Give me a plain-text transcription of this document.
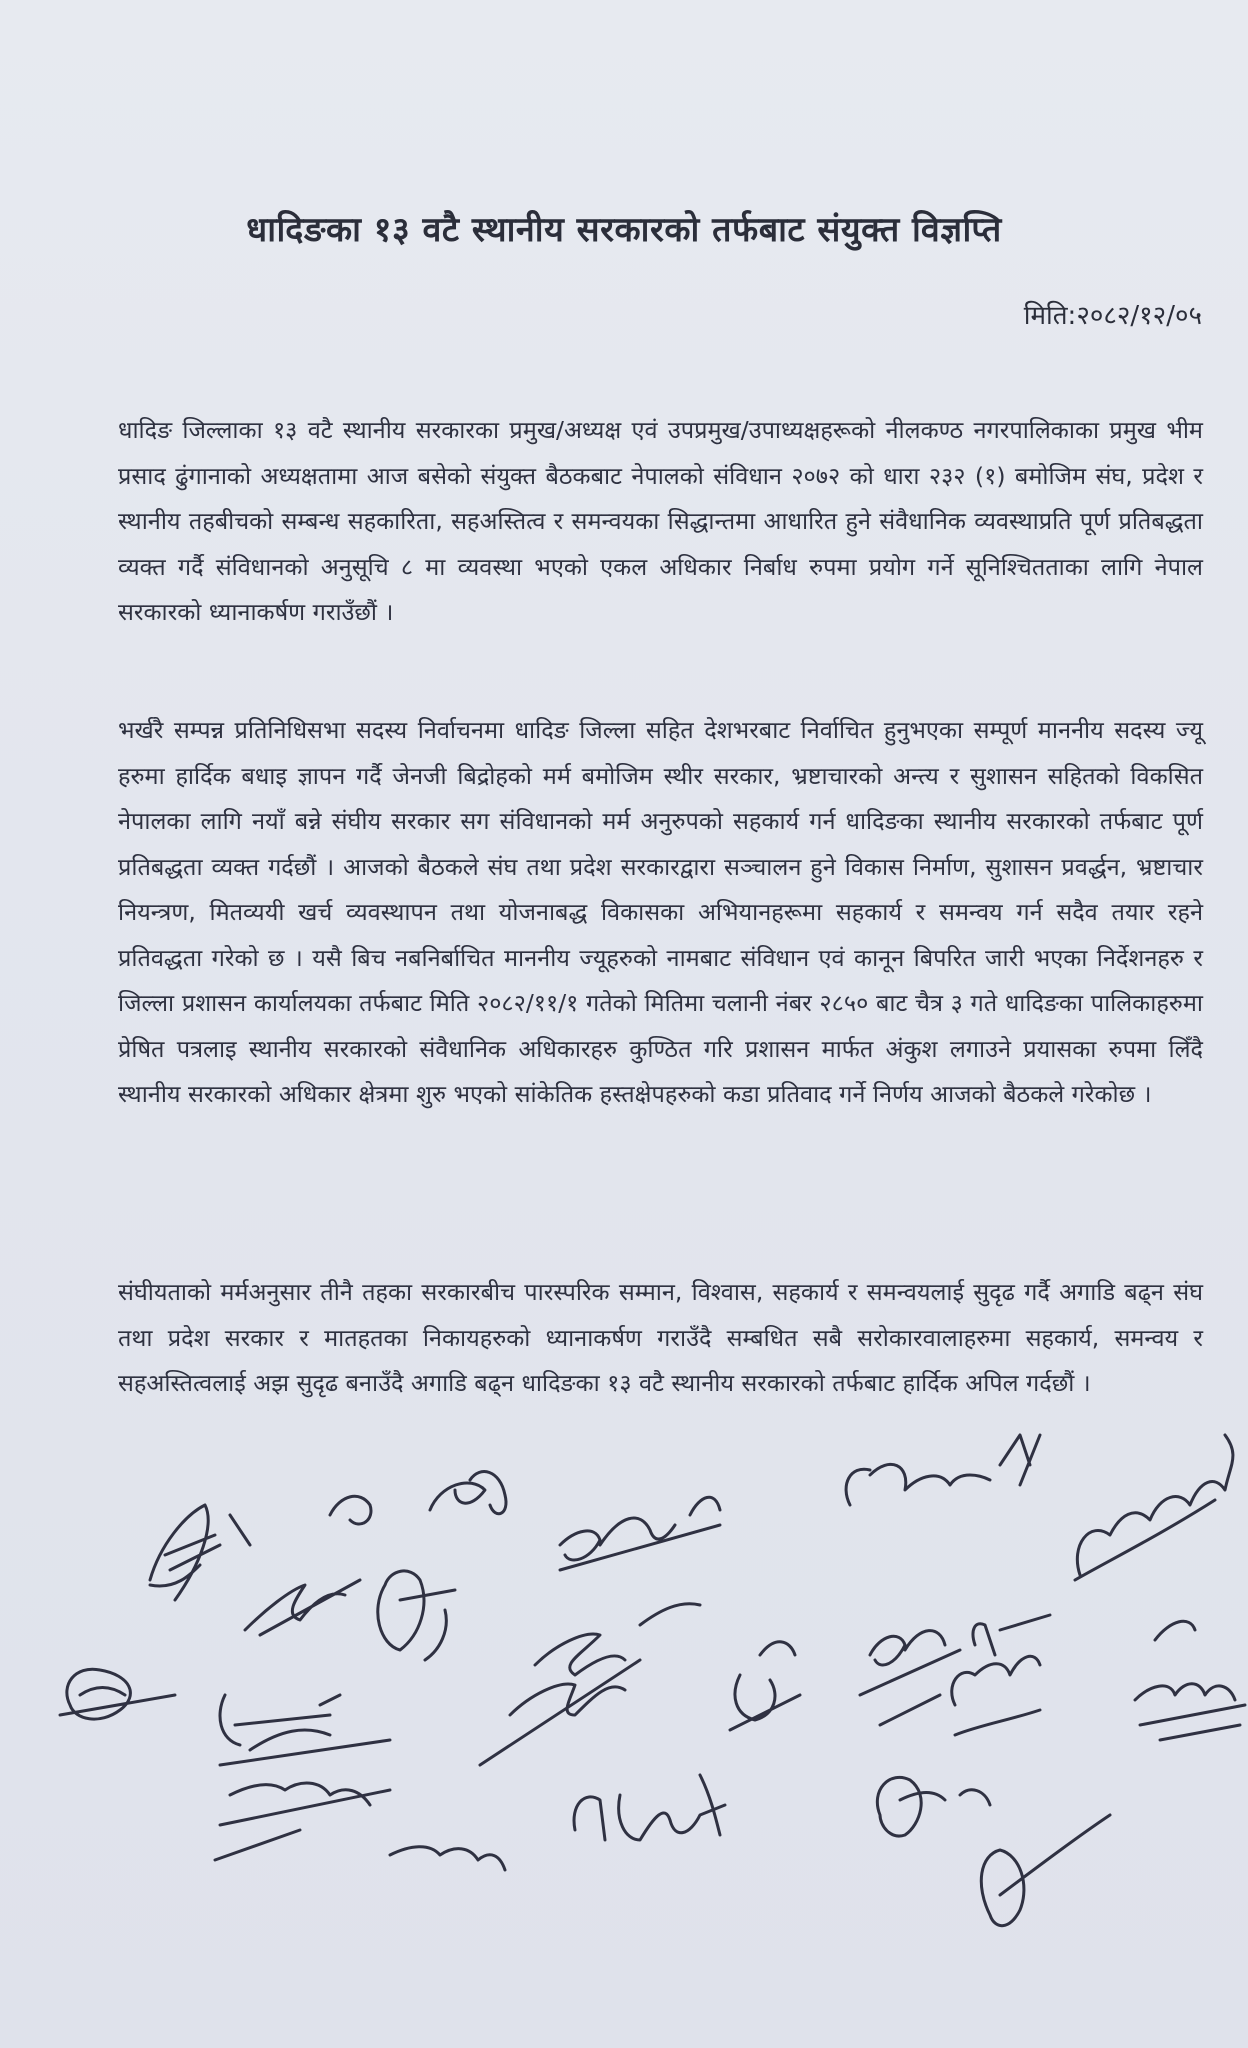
धादिङका १३ वटै स्थानीय सरकारको तर्फबाट संयुक्त विज्ञप्ति
मिति:२०८२/१२/०५

धादिङ जिल्लाका १३ वटै स्थानीय सरकारका प्रमुख/अध्यक्ष एवं उपप्रमुख/उपाध्यक्षहरूको नीलकण्ठ नगरपालिकाका प्रमुख भीम प्रसाद ढुंगानाको अध्यक्षतामा आज बसेको संयुक्त बैठकबाट नेपालको संविधान २०७२ को धारा २३२ (१) बमोजिम संघ, प्रदेश र स्थानीय तहबीचको सम्बन्ध सहकारिता, सहअस्तित्व र समन्वयका सिद्धान्तमा आधारित हुने संवैधानिक व्यवस्थाप्रति पूर्ण प्रतिबद्धता व्यक्त गर्दै संविधानको अनुसूचि ८ मा व्यवस्था भएको एकल अधिकार निर्बाध रुपमा प्रयोग गर्ने सूनिश्चितताका लागि नेपाल सरकारको ध्यानाकर्षण गराउँछौं ।

भर्खरै सम्पन्न प्रतिनिधिसभा सदस्य निर्वाचनमा धादिङ जिल्ला सहित देशभरबाट निर्वाचित हुनुभएका सम्पूर्ण माननीय सदस्य ज्यू हरुमा हार्दिक बधाइ ज्ञापन गर्दै जेनजी बिद्रोहको मर्म बमोजिम स्थीर सरकार, भ्रष्टाचारको अन्त्य र सुशासन सहितको विकसित नेपालका लागि नयाँ बन्ने संघीय सरकार सग संविधानको मर्म अनुरुपको सहकार्य गर्न धादिङका स्थानीय सरकारको तर्फबाट पूर्ण प्रतिबद्धता व्यक्त गर्दछौं । आजको बैठकले संघ तथा प्रदेश सरकारद्वारा सञ्चालन हुने विकास निर्माण, सुशासन प्रवर्द्धन, भ्रष्टाचार नियन्त्रण, मितव्ययी खर्च व्यवस्थापन तथा योजनाबद्ध विकासका अभियानहरूमा सहकार्य र समन्वय गर्न सदैव तयार रहने प्रतिवद्धता गरेको छ । यसै बिच नबनिर्बाचित माननीय ज्यूहरुको नामबाट संविधान एवं कानून बिपरित जारी भएका निर्देशनहरु र जिल्ला प्रशासन कार्यालयका तर्फबाट मिति २०८२/११/१ गतेको मितिमा चलानी नंबर २८५० बाट चैत्र ३ गते धादिङका पालिकाहरुमा प्रेषित पत्रलाइ स्थानीय सरकारको संवैधानिक अधिकारहरु कुण्ठित गरि प्रशासन मार्फत अंकुश लगाउने प्रयासका रुपमा लिँदै स्थानीय सरकारको अधिकार क्षेत्रमा शुरु भएको सांकेतिक हस्तक्षेपहरुको कडा प्रतिवाद गर्ने निर्णय आजको बैठकले गरेकोछ ।

संघीयताको मर्मअनुसार तीनै तहका सरकारबीच पारस्परिक सम्मान, विश्वास, सहकार्य र समन्वयलाई सुदृढ गर्दै अगाडि बढ्न संघ तथा प्रदेश सरकार र मातहतका निकायहरुको ध्यानाकर्षण गराउँदै सम्बधित सबै सरोकारवालाहरुमा सहकार्य, समन्वय र सहअस्तित्वलाई अझ सुदृढ बनाउँदै अगाडि बढ्न धादिङका १३ वटै स्थानीय सरकारको तर्फबाट हार्दिक अपिल गर्दछौं ।
